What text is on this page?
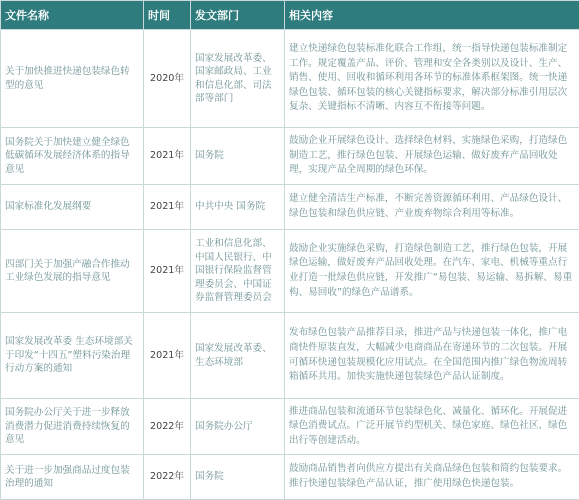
文件名称	时间	发文部门	相关内容
关于加快推进快递包装绿色转型的意见	2020年	国家发展改革委、国家邮政局、工业和信息化部、司法部等部门	建立快递绿色包装标准化联合工作组，统一指导快递包装标准制定工作。规定覆盖产品、评价、管理和安全各类别以及设计、生产、销售、使用、回收和循环利用各环节的标准体系框架图。统一快递绿色包装、循环包装的核心关键指标要求，解决部分标准引用层次复杂、关键指标不清晰、内容互不衔接等问题。
国务院关于加快建立健全绿色低碳循环发展经济体系的指导意见	2021年	国务院	鼓励企业开展绿色设计、选择绿色材料、实施绿色采购，打造绿色制造工艺，推行绿色包装、开展绿色运输、做好废弃产品回收处理，实现产品全周期的绿色环保。
国家标准化发展纲要	2021年	中共中央 国务院	建立健全清洁生产标准，不断完善资源循环利用、产品绿色设计、绿色包装和绿色供应链、产业废弃物综合利用等标准。
四部门关于加强产融合作推动工业绿色发展的指导意见	2021年	工业和信息化部、中国人民银行、中国银行保险监督管理委员会、中国证券监督管理委员会	鼓励企业实施绿色采购，打造绿色制造工艺，推行绿色包装，开展绿色运输，做好废弃产品回收处理。在汽车、家电、机械等重点行业打造一批绿色供应链，开发推广“易包装、易运输、易拆解、易重构、易回收”的绿色产品谱系。
国家发展改革委 生态环境部关于印发“十四五”塑料污染治理行动方案的通知	2021年	国家发展改革委、生态环境部	发布绿色包装产品推荐目录，推进产品与快递包装一体化，推广电商快件原装直发，大幅减少电商商品在寄递环节的二次包装。开展可循环快递包装规模化应用试点。在全国范围内推广绿色物流周转箱循环共用。加快实施快递包装绿色产品认证制度。
国务院办公厅关于进一步释放消费潜力促进消费持续恢复的意见	2022年	国务院办公厅	推进商品包装和流通环节包装绿色化、减量化、循环化。开展促进绿色消费试点。广泛开展节约型机关、绿色家庭、绿色社区、绿色出行等创建活动。
关于进一步加强商品过度包装治理的通知	2022年	国务院	鼓励商品销售者向供应方提出有关商品绿色包装和简约包装要求。推行快递包装绿色产品认证，推广使用绿色快递包装。
